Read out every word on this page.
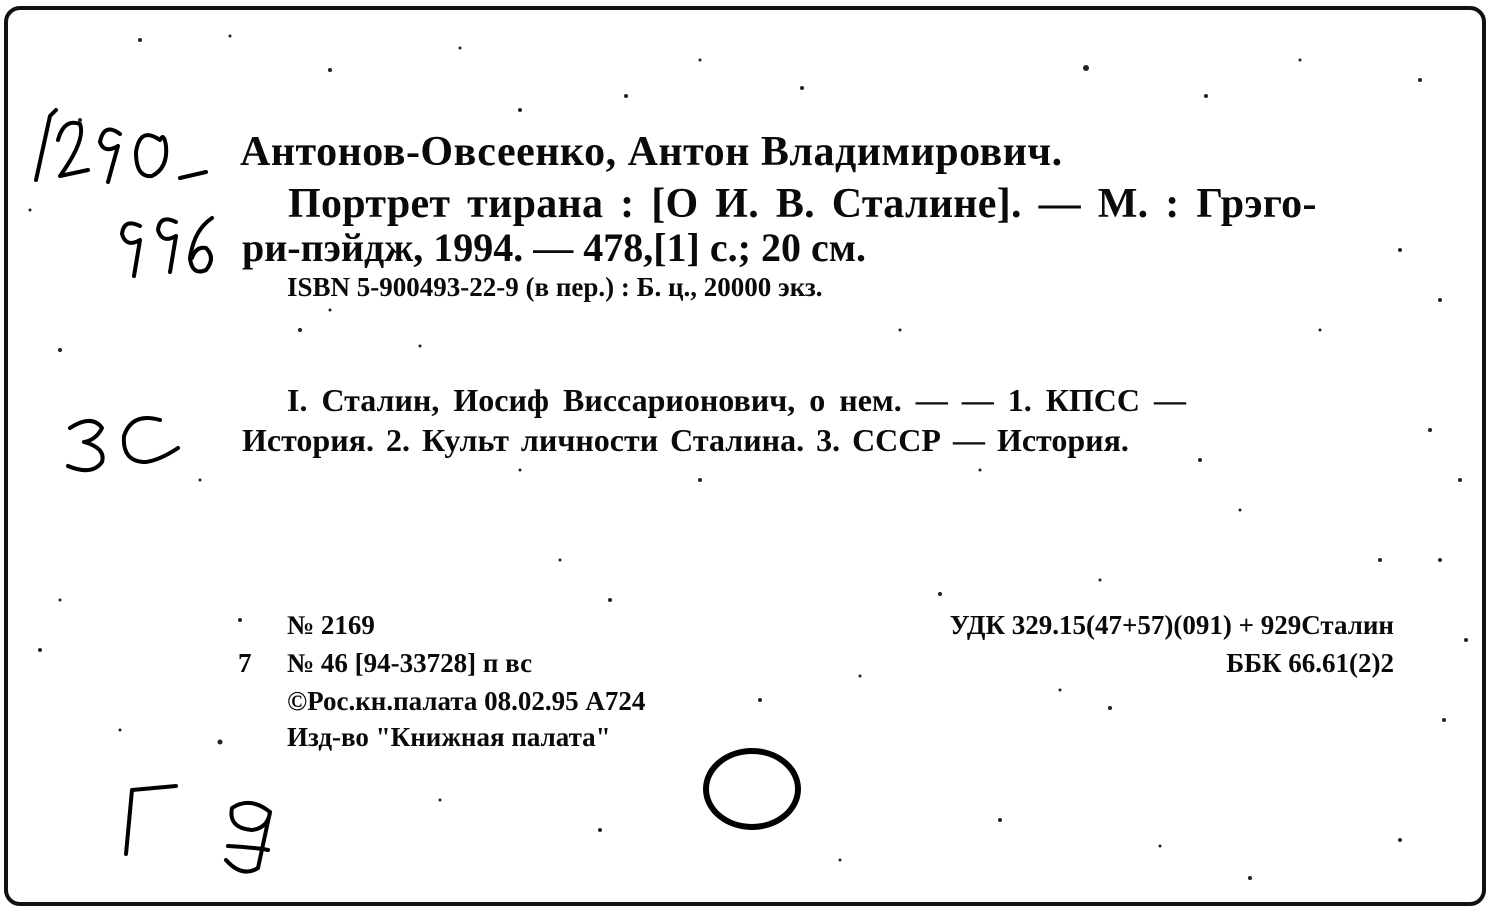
Антонов-Овсеенко, Антон Владимирович.
Портрет тирана : [О И. В. Сталине]. — М. : Грэго-
ри-пэйдж, 1994. — 478,[1] с.; 20 см.
ISBN 5-900493-22-9 (в пер.) : Б. ц., 20000 экз.
I. Сталин, Иосиф Виссарионович, о нем. — — 1. КПСС —
История. 2. Культ личности Сталина. 3. СССР — История.
№ 2169
7 № 46 [94-33728] п вс
©Рос.кн.палата 08.02.95 А724
Изд-во "Книжная палата"
УДК 329.15(47+57)(091) + 929Сталин
ББК 66.61(2)2
